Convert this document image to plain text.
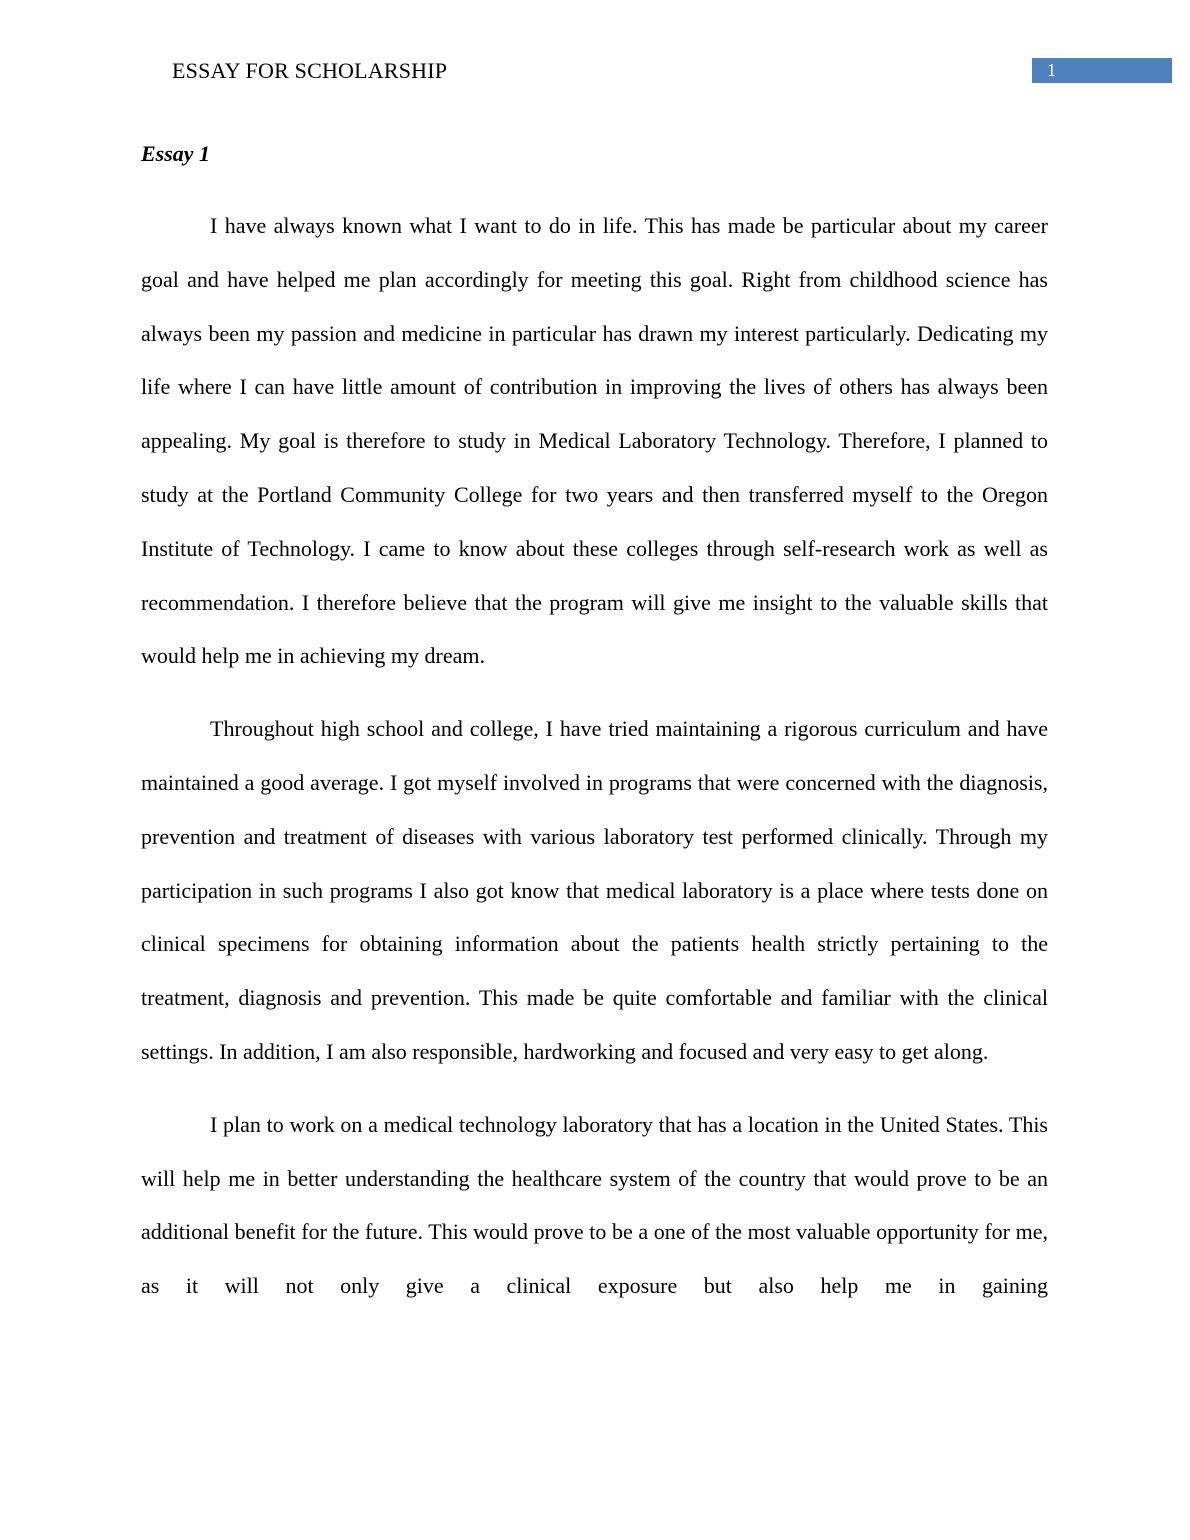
ESSAY FOR SCHOLARSHIP	1
Essay 1

I have always known what I want to do in life. This has made be particular about my career goal and have helped me plan accordingly for meeting this goal. Right from childhood science has always been my passion and medicine in particular has drawn my interest particularly. Dedicating my life where I can have little amount of contribution in improving the lives of others has always been appealing. My goal is therefore to study in Medical Laboratory Technology. Therefore, I planned to study at the Portland Community College for two years and then transferred myself to the Oregon Institute of Technology. I came to know about these colleges through self-research work as well as recommendation. I therefore believe that the program will give me insight to the valuable skills that would help me in achieving my dream.

Throughout high school and college, I have tried maintaining a rigorous curriculum and have maintained a good average. I got myself involved in programs that were concerned with the diagnosis, prevention and treatment of diseases with various laboratory test performed clinically. Through my participation in such programs I also got know that medical laboratory is a place where tests done on clinical specimens for obtaining information about the patients health strictly pertaining to the treatment, diagnosis and prevention. This made be quite comfortable and familiar with the clinical settings. In addition, I am also responsible, hardworking and focused and very easy to get along.

I plan to work on a medical technology laboratory that has a location in the United States. This will help me in better understanding the healthcare system of the country that would prove to be an additional benefit for the future. This would prove to be a one of the most valuable opportunity for me, as it will not only give a clinical exposure but also help me in gaining
